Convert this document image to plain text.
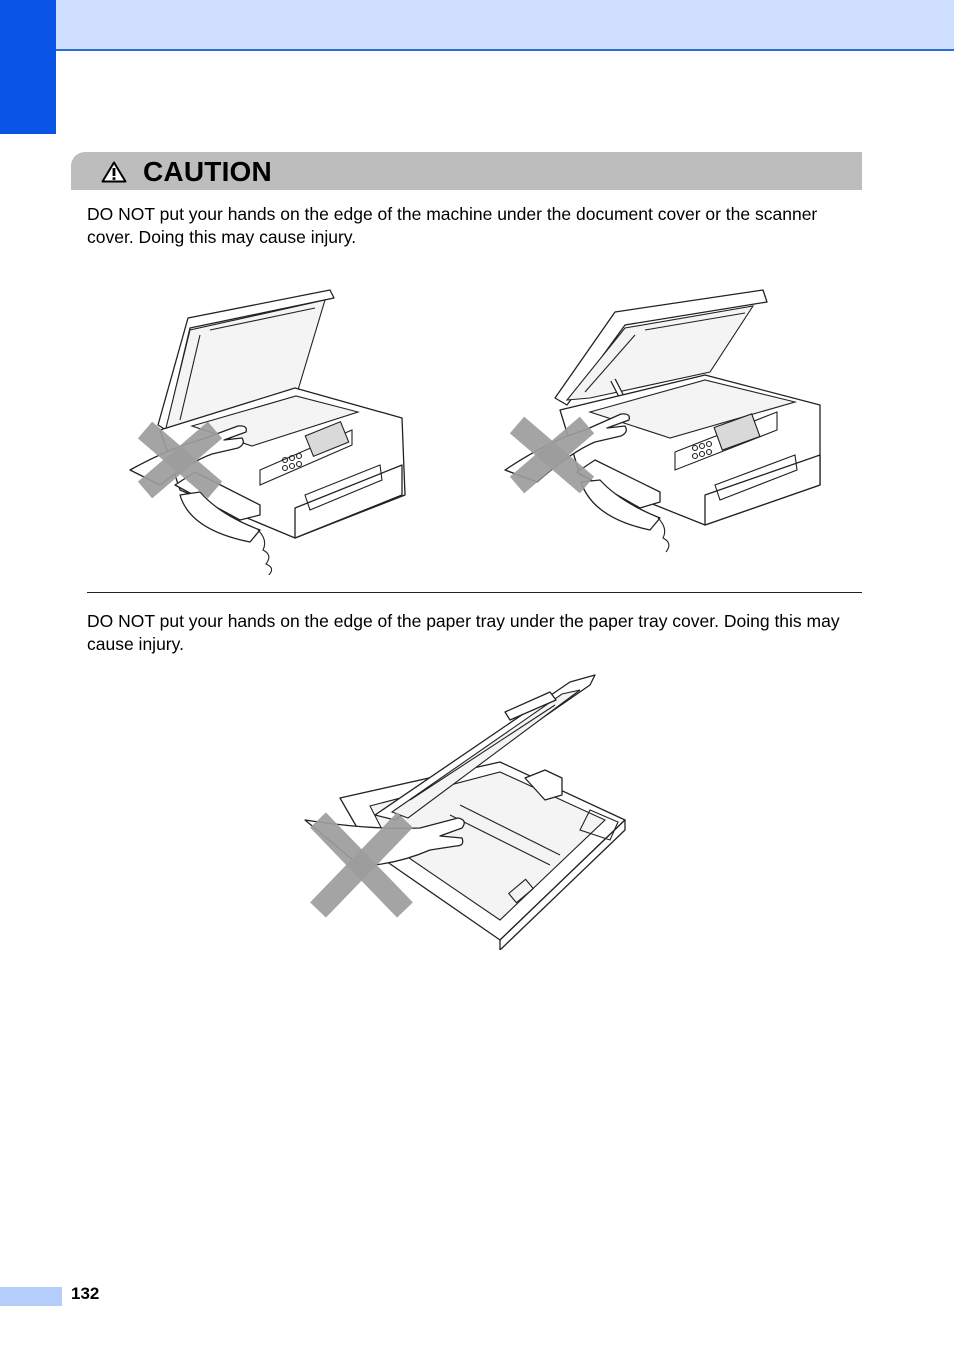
CAUTION
DO NOT put your hands on the edge of the machine under the document cover or the scanner cover. Doing this may cause injury.
DO NOT put your hands on the edge of the paper tray under the paper tray cover. Doing this may cause injury.
132
